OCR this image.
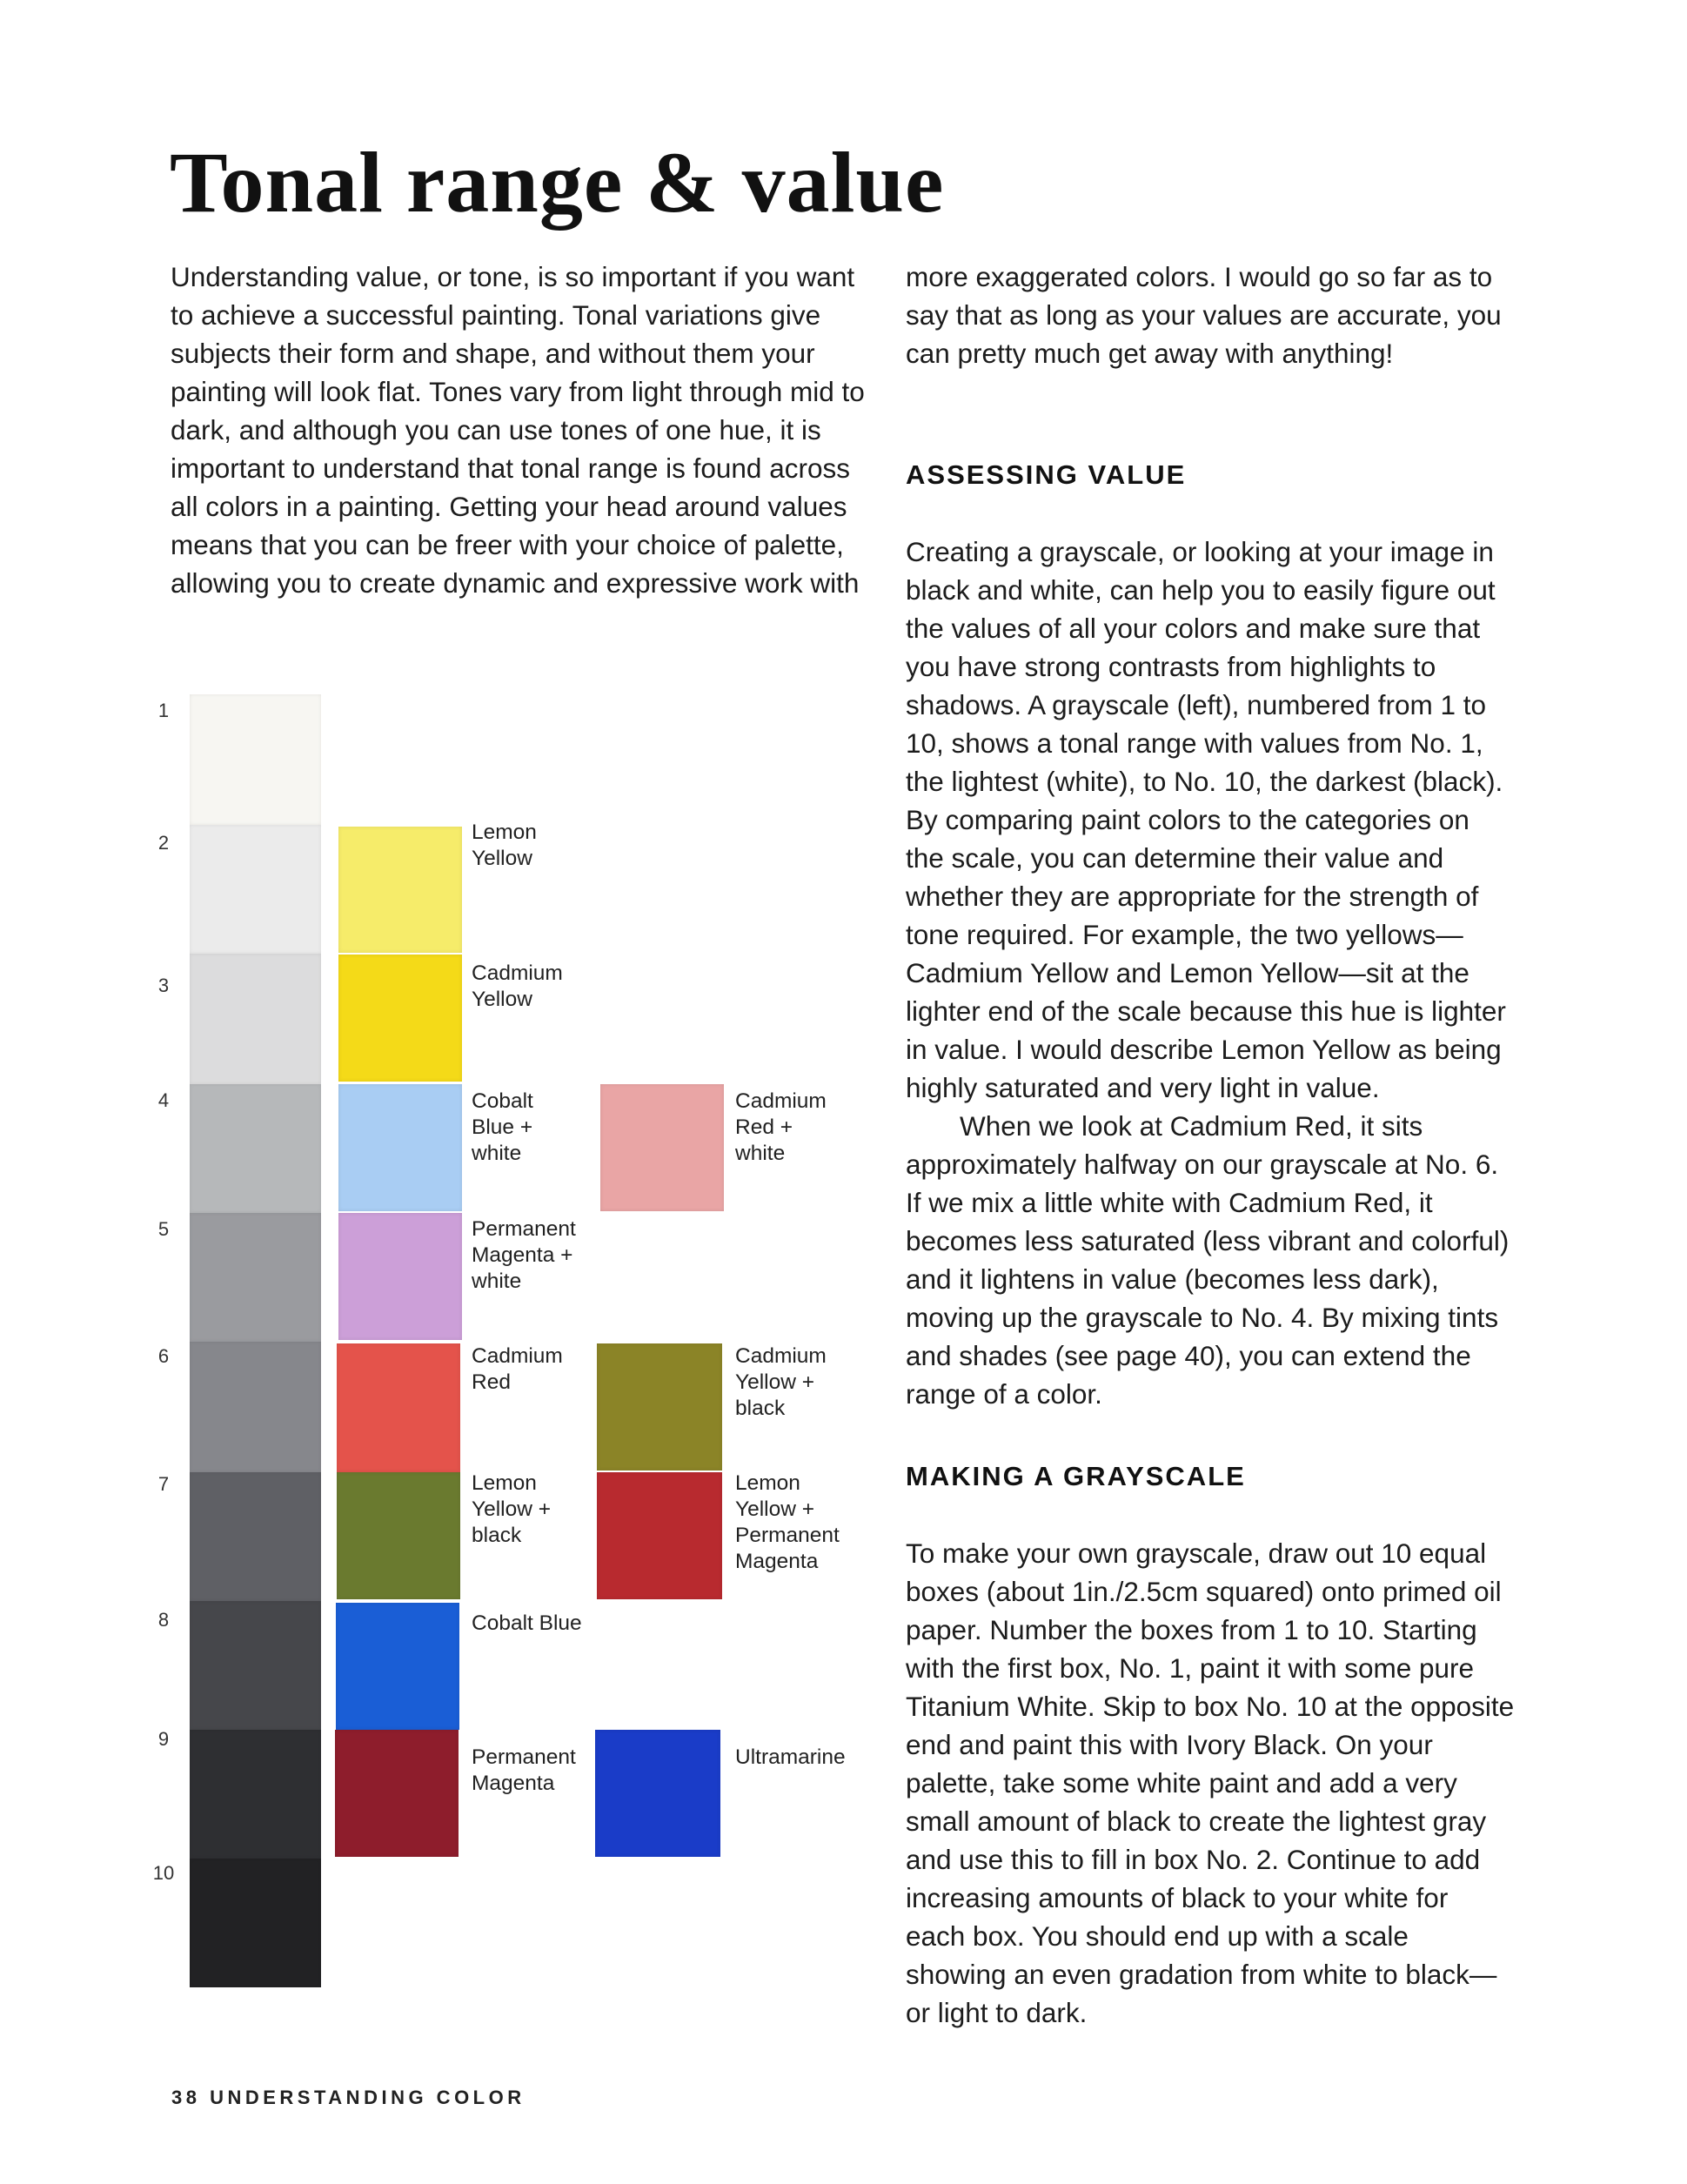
Tonal range & value

Understanding value, or tone, is so important if you want to achieve a successful painting. Tonal variations give subjects their form and shape, and without them your painting will look flat. Tones vary from light through mid to dark, and although you can use tones of one hue, it is important to understand that tonal range is found across all colors in a painting. Getting your head around values means that you can be freer with your choice of palette, allowing you to create dynamic and expressive work with

more exaggerated colors. I would go so far as to say that as long as your values are accurate, you can pretty much get away with anything!

ASSESSING VALUE

Creating a grayscale, or looking at your image in black and white, can help you to easily figure out the values of all your colors and make sure that you have strong contrasts from highlights to shadows. A grayscale (left), numbered from 1 to 10, shows a tonal range with values from No. 1, the lightest (white), to No. 10, the darkest (black). By comparing paint colors to the categories on the scale, you can determine their value and whether they are appropriate for the strength of tone required. For example, the two yellows—Cadmium Yellow and Lemon Yellow—sit at the lighter end of the scale because this hue is lighter in value. I would describe Lemon Yellow as being highly saturated and very light in value.

When we look at Cadmium Red, it sits approximately halfway on our grayscale at No. 6. If we mix a little white with Cadmium Red, it becomes less saturated (less vibrant and colorful) and it lightens in value (becomes less dark), moving up the grayscale to No. 4. By mixing tints and shades (see page 40), you can extend the range of a color.

MAKING A GRAYSCALE

To make your own grayscale, draw out 10 equal boxes (about 1in./2.5cm squared) onto primed oil paper. Number the boxes from 1 to 10. Starting with the first box, No. 1, paint it with some pure Titanium White. Skip to box No. 10 at the opposite end and paint this with Ivory Black. On your palette, take some white paint and add a very small amount of black to create the lightest gray and use this to fill in box No. 2. Continue to add increasing amounts of black to your white for each box. You should end up with a scale showing an even gradation from white to black—or light to dark.

1
2
3
4
5
6
7
8
9
10
Lemon
Yellow
Cadmium
Yellow
Cobalt
Blue +
white
Permanent
Magenta +
white
Cadmium
Red
Lemon
Yellow +
black
Cobalt Blue
Permanent
Magenta
Cadmium
Red +
white
Cadmium
Yellow +
black
Lemon
Yellow +
Permanent
Magenta
Ultramarine
38 UNDERSTANDING COLOR
